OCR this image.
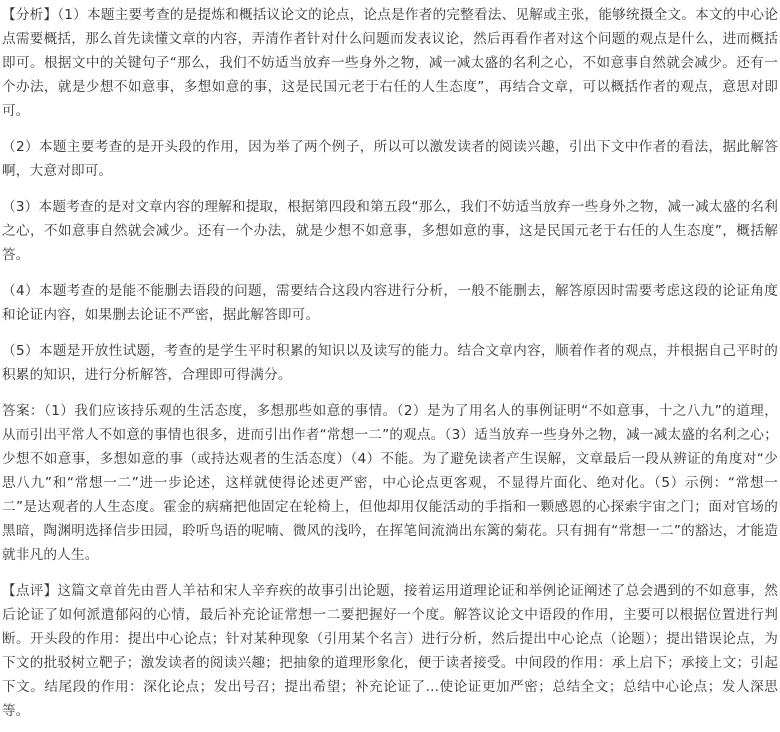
【分析】（1）本题主要考查的是提炼和概括议论文的论点，论点是作者的完整看法、见解或主张，能够统摄全文。本文的中心论点需要概括，那么首先读懂文章的内容，弄清作者针对什么问题而发表议论，然后再看作者对这个问题的观点是什么，进而概括即可。根据文中的关键句子“那么，我们不妨适当放弃一些身外之物，减一减太盛的名利之心，不如意事自然就会减少。还有一个办法，就是少想不如意事，多想如意的事，这是民国元老于右任的人生态度”，再结合文章，可以概括作者的观点，意思对即可。

（2）本题主要考查的是开头段的作用，因为举了两个例子，所以可以激发读者的阅读兴趣，引出下文中作者的看法，据此解答啊，大意对即可。

（3）本题考查的是对文章内容的理解和提取，根据第四段和第五段“那么，我们不妨适当放弃一些身外之物，减一减太盛的名利之心，不如意事自然就会减少。还有一个办法，就是少想不如意事，多想如意的事，这是民国元老于右任的人生态度”，概括解答。

（4）本题考查的是能不能删去语段的问题，需要结合这段内容进行分析，一般不能删去，解答原因时需要考虑这段的论证角度和论证内容，如果删去论证不严密，据此解答即可。

（5）本题是开放性试题，考查的是学生平时积累的知识以及读写的能力。结合文章内容，顺着作者的观点，并根据自己平时的积累的知识，进行分析解答，合理即可得满分。

答案：（1）我们应该持乐观的生活态度，多想那些如意的事情。（2）是为了用名人的事例证明“不如意事，十之八九”的道理，从而引出平常人不如意的事情也很多，进而引出作者“常想一二”的观点。（3）适当放弃一些身外之物，减一减太盛的名利之心；少想不如意事，多想如意的事（或持达观者的生活态度）（4）不能。为了避免读者产生误解，文章最后一段从辨证的角度对“少思八九”和“常想一二”进一步论述，这样就使得论述更严密，中心论点更客观，不显得片面化、绝对化。（5）示例：“常想一二”是达观者的人生态度。霍金的病痛把他固定在轮椅上，但他却用仅能活动的手指和一颗感恩的心探索宇宙之门；面对官场的黑暗，陶渊明选择信步田园，聆听鸟语的呢喃、微风的浅吟，在挥笔间流淌出东篱的菊花。只有拥有“常想一二”的豁达，才能造就非凡的人生。

【点评】这篇文章首先由晋人羊祜和宋人辛弃疾的故事引出论题，接着运用道理论证和举例论证阐述了总会遇到的不如意事，然后论证了如何派遣郁闷的心情，最后补充论证常想一二要把握好一个度。解答议论文中语段的作用，主要可以根据位置进行判断。开头段的作用：提出中心论点；针对某种现象（引用某个名言）进行分析，然后提出中心论点（论题）；提出错误论点，为下文的批驳树立靶子；激发读者的阅读兴趣；把抽象的道理形象化，便于读者接受。中间段的作用：承上启下；承接上文；引起下文。结尾段的作用：深化论点；发出号召；提出希望；补充论证了...使论证更加严密；总结全文；总结中心论点；发人深思等。
